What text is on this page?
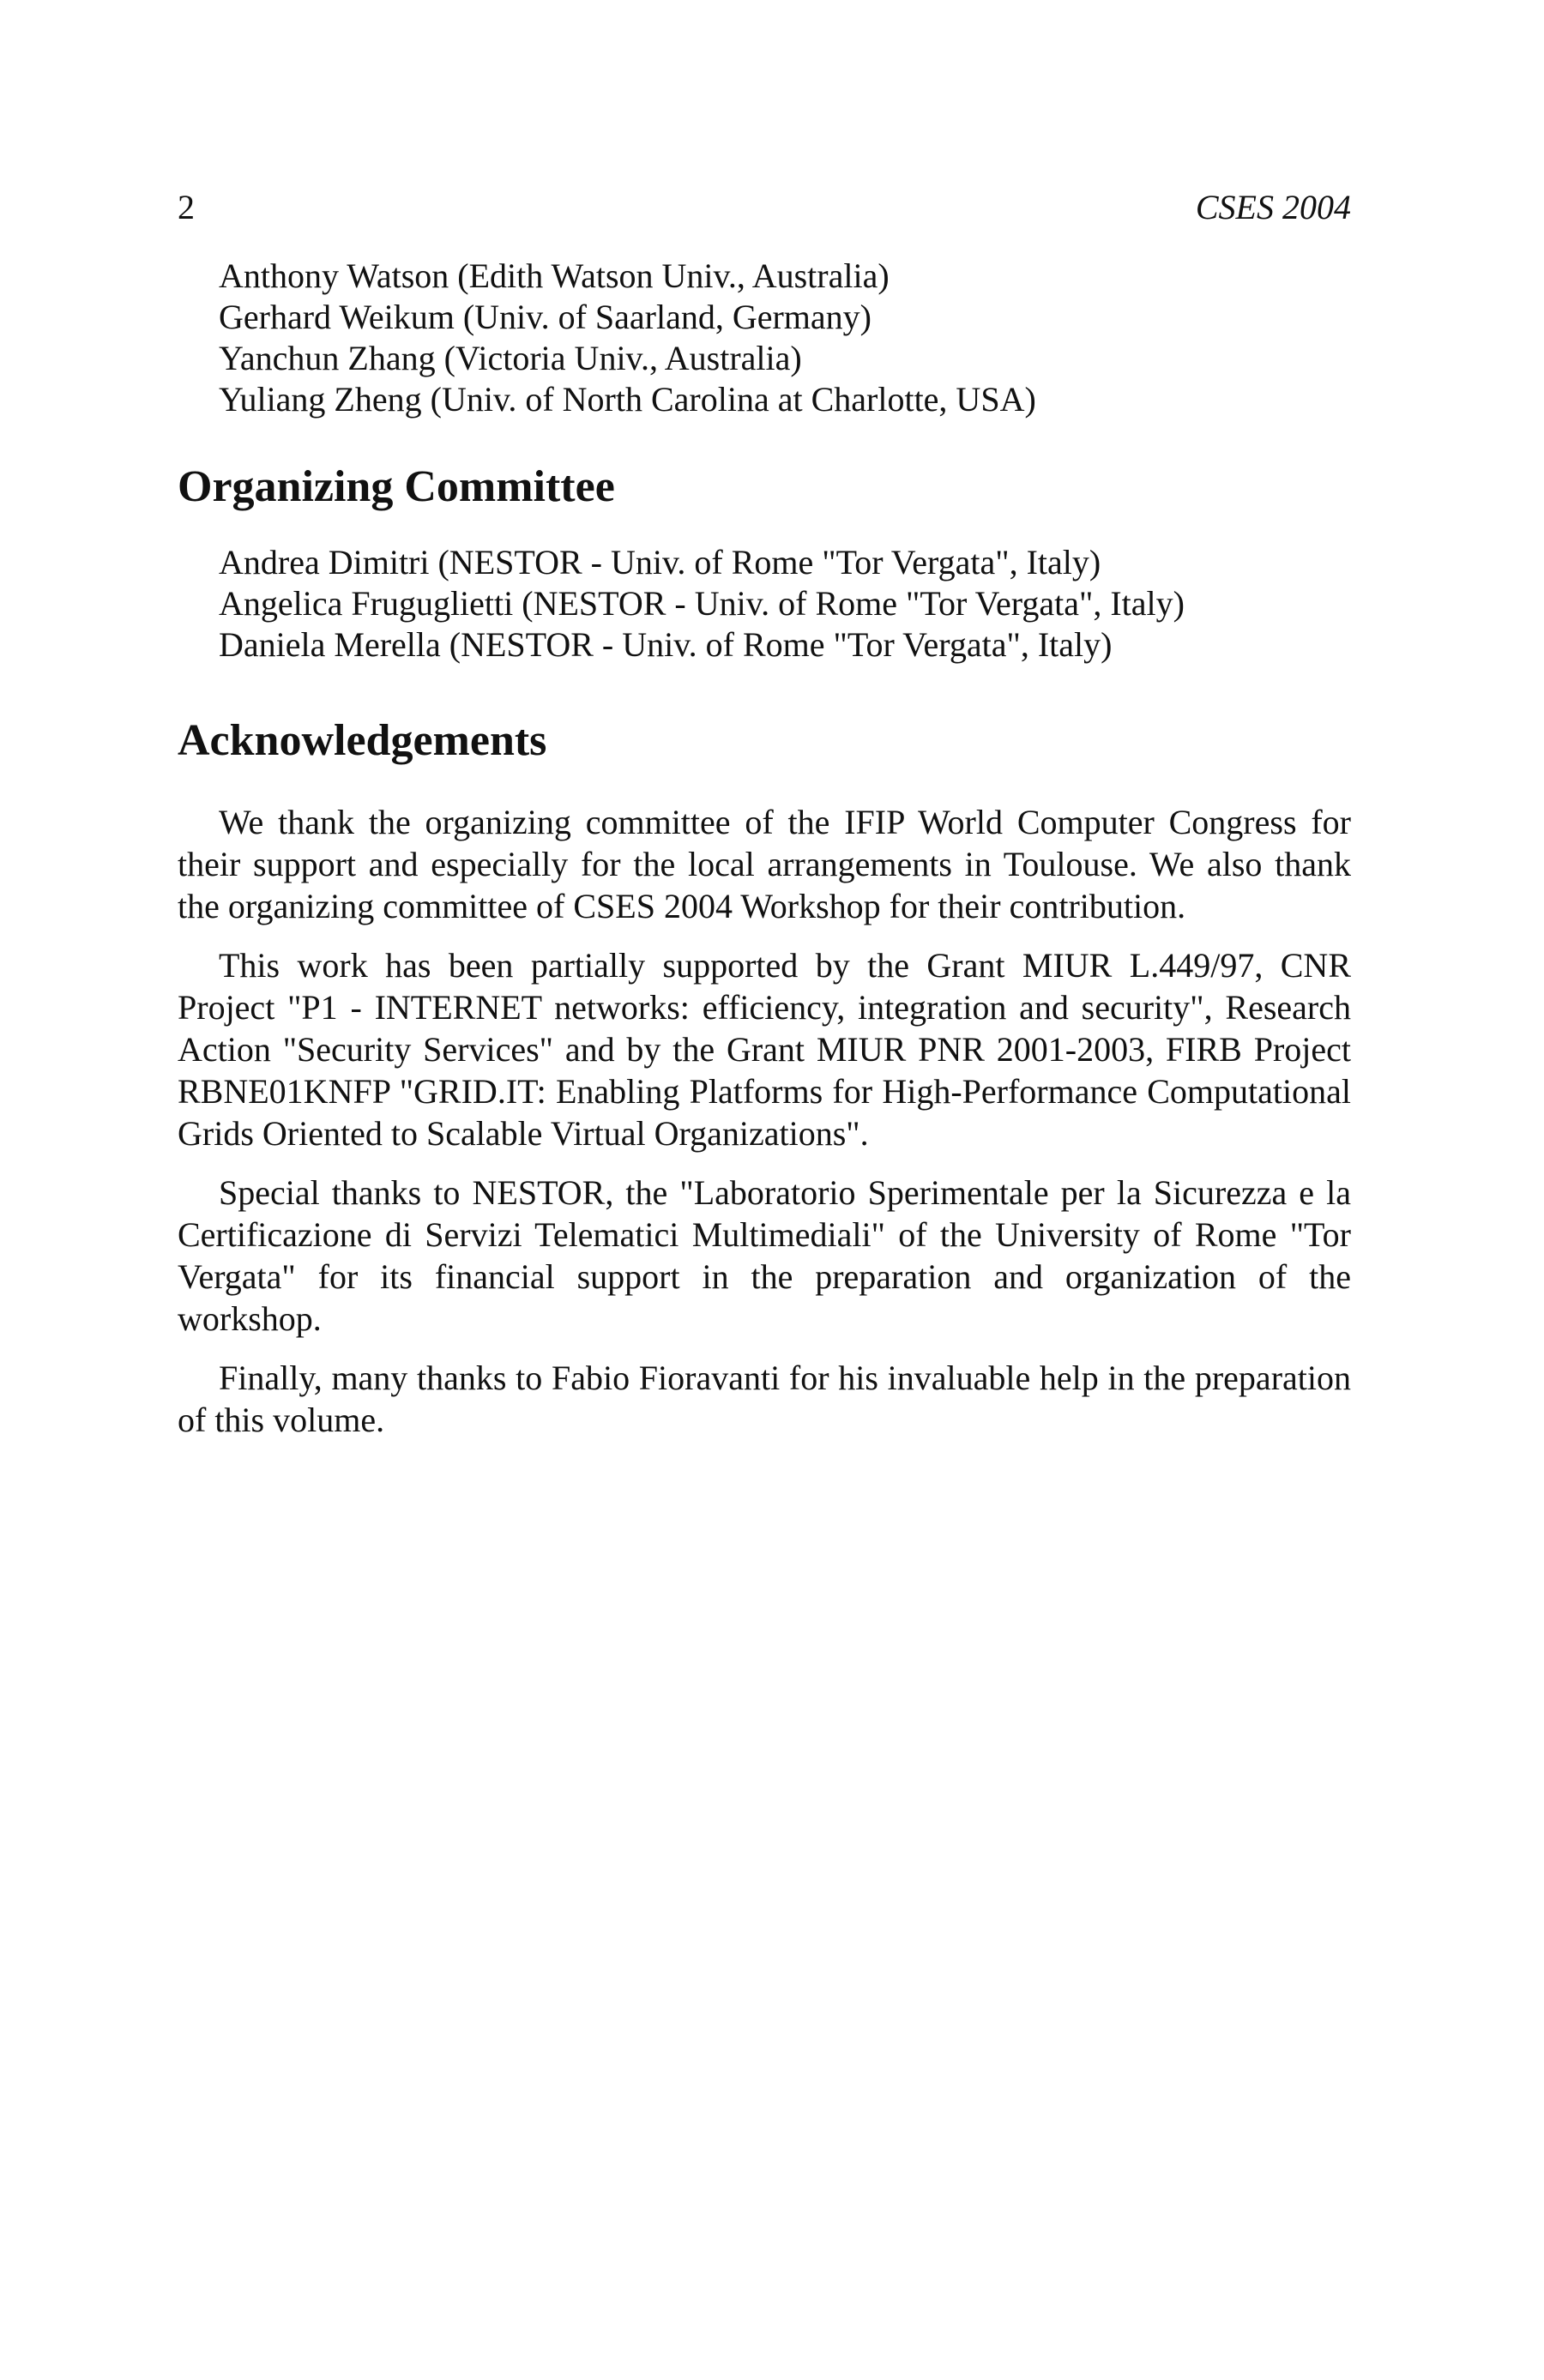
2	CSES 2004
Anthony Watson (Edith Watson Univ., Australia)
Gerhard Weikum (Univ. of Saarland, Germany)
Yanchun Zhang (Victoria Univ., Australia)
Yuliang Zheng (Univ. of North Carolina at Charlotte, USA)
Organizing Committee
Andrea Dimitri (NESTOR - Univ. of Rome "Tor Vergata", Italy)
Angelica Fruguglietti (NESTOR - Univ. of Rome "Tor Vergata", Italy)
Daniela Merella (NESTOR - Univ. of Rome "Tor Vergata", Italy)
Acknowledgements

We thank the organizing committee of the IFIP World Computer Congress for their support and especially for the local arrangements in Toulouse. We also thank the organizing committee of CSES 2004 Workshop for their contribution.

This work has been partially supported by the Grant MIUR L.449/97, CNR Project "P1 - INTERNET networks: efficiency, integration and security", Research Action "Security Services" and by the Grant MIUR PNR 2001-2003, FIRB Project RBNE01KNFP "GRID.IT: Enabling Platforms for High-Performance Computational Grids Oriented to Scalable Virtual Organizations".

Special thanks to NESTOR, the "Laboratorio Sperimentale per la Sicurezza e la Certificazione di Servizi Telematici Multimediali" of the University of Rome "Tor Vergata" for its financial support in the preparation and organization of the workshop.

Finally, many thanks to Fabio Fioravanti for his invaluable help in the preparation of this volume.
